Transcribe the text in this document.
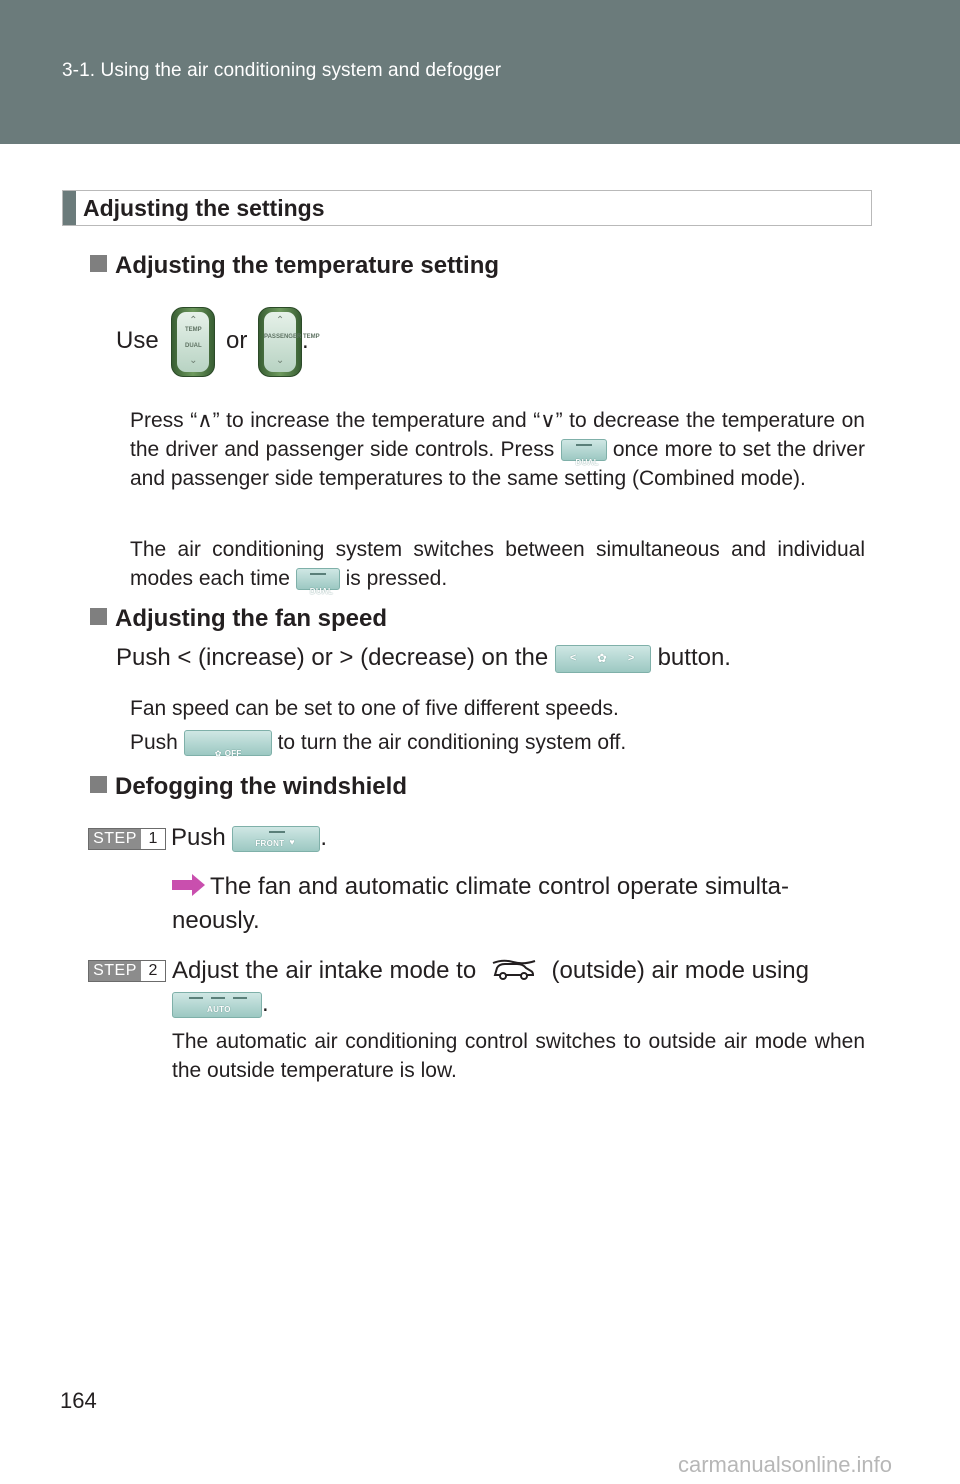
3-1. Using the air conditioning system and defogger
Adjusting the settings
Adjusting the temperature setting
Use
⌃
TEMP
DUAL
⌄
or
⌃
PASSENGER TEMP
⌄
.
Press “∧” to increase the temperature and “∨” to decrease the temperature on the driver and passenger side controls. Press
DUAL
once more to set the driver and passenger side temperatures to the same setting (Combined mode).
The air conditioning system switches between simultaneous and individual modes each time
DUAL
is pressed.
Adjusting the fan speed
Push < (increase) or > (decrease) on the < ✿ > button.
Fan speed can be set to one of five different speeds.
Push	✿ OFF to turn the air conditioning system off.
Defogging the windshield
STEP 1 Push	FRONT ♥ .
The fan and automatic climate control operate simulta-neously.
STEP 2 Adjust the air intake mode to	(outside) air mode using
AUTO .
The automatic air conditioning control switches to outside air mode when the outside temperature is low.
164
carmanualsonline.info
